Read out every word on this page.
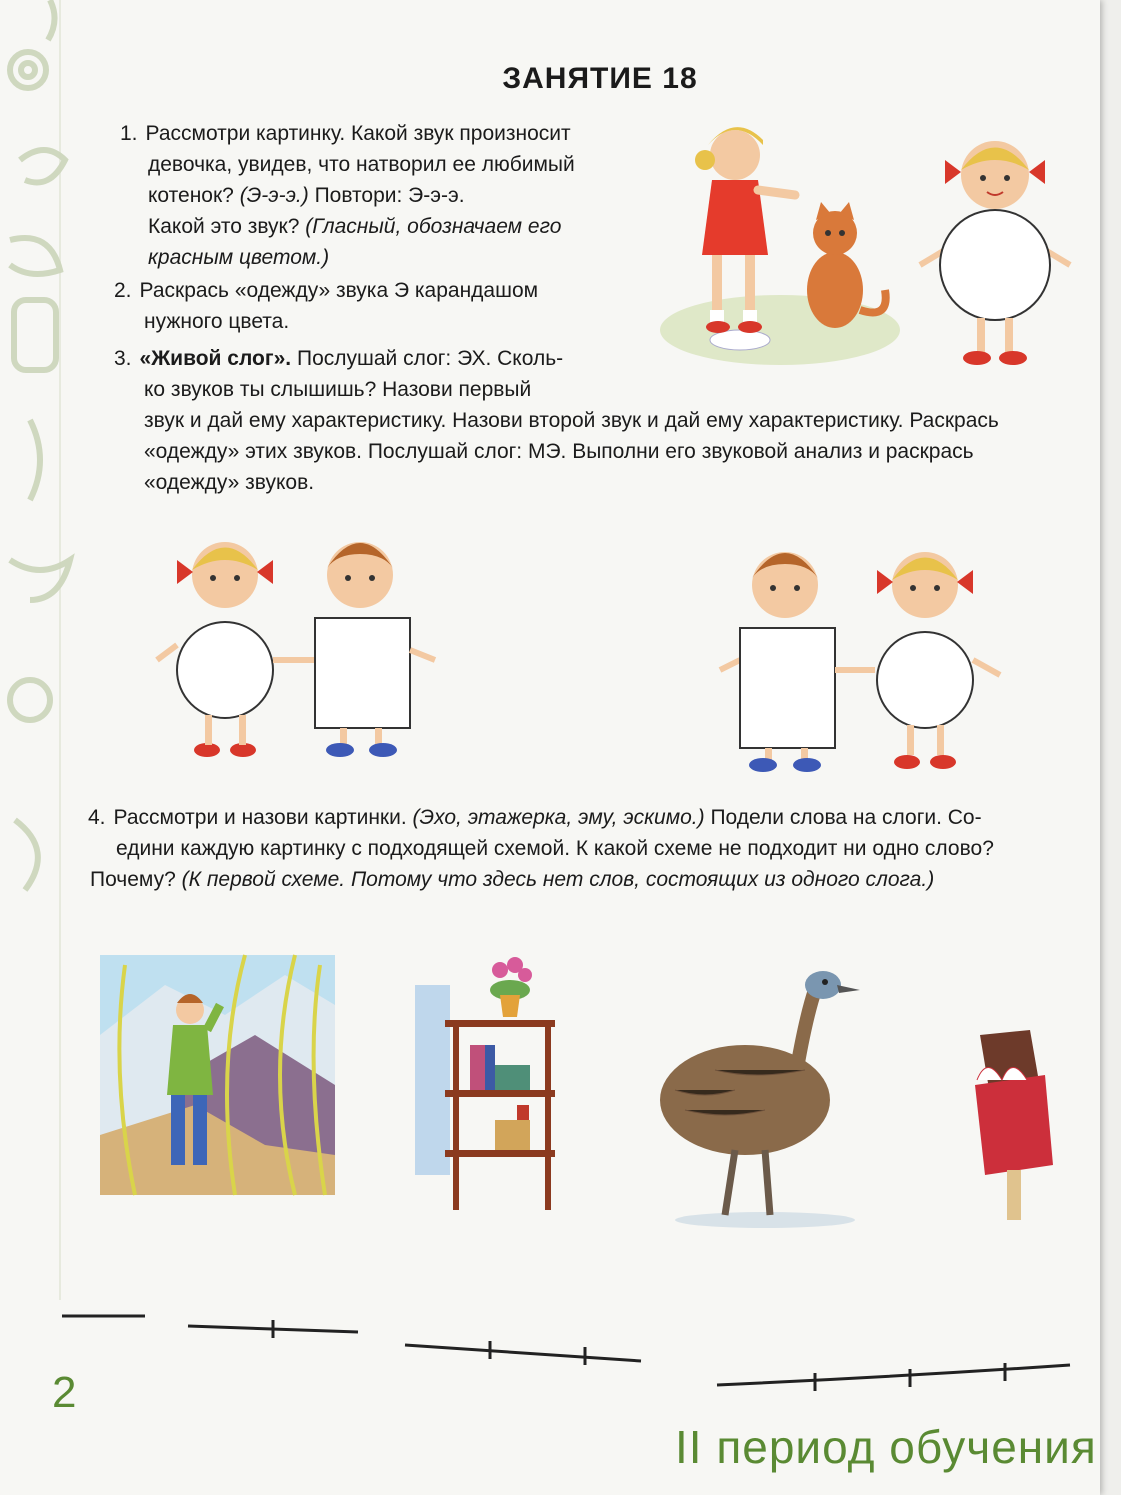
ЗАНЯТИЕ 18
1. Рассмотри картинку. Какой звук произносит
девочка, увидев, что натворил ее любимый
котенок? (Э-э-э.) Повтори: Э-э-э.
Какой это звук? (Гласный, обозначаем его
красным цветом.)
2. Раскрась «одежду» звука Э карандашом
нужного цвета.
3. «Живой слог». Послушай слог: ЭХ. Сколь-
ко звуков ты слышишь? Назови первый
звук и дай ему характеристику. Назови второй звук и дай ему характеристику. Раскрась
«одежду» этих звуков. Послушай слог: МЭ. Выполни его звуковой анализ и раскрась
«одежду» звуков.
4. Рассмотри и назови картинки. (Эхо, этажерка, эму, эскимо.) Подели слова на слоги. Со-
едини каждую картинку с подходящей схемой. К какой схеме не подходит ни одно слово?
Почему? (К первой схеме. Потому что здесь нет слов, состоящих из одного слога.)
2
II период обучения
